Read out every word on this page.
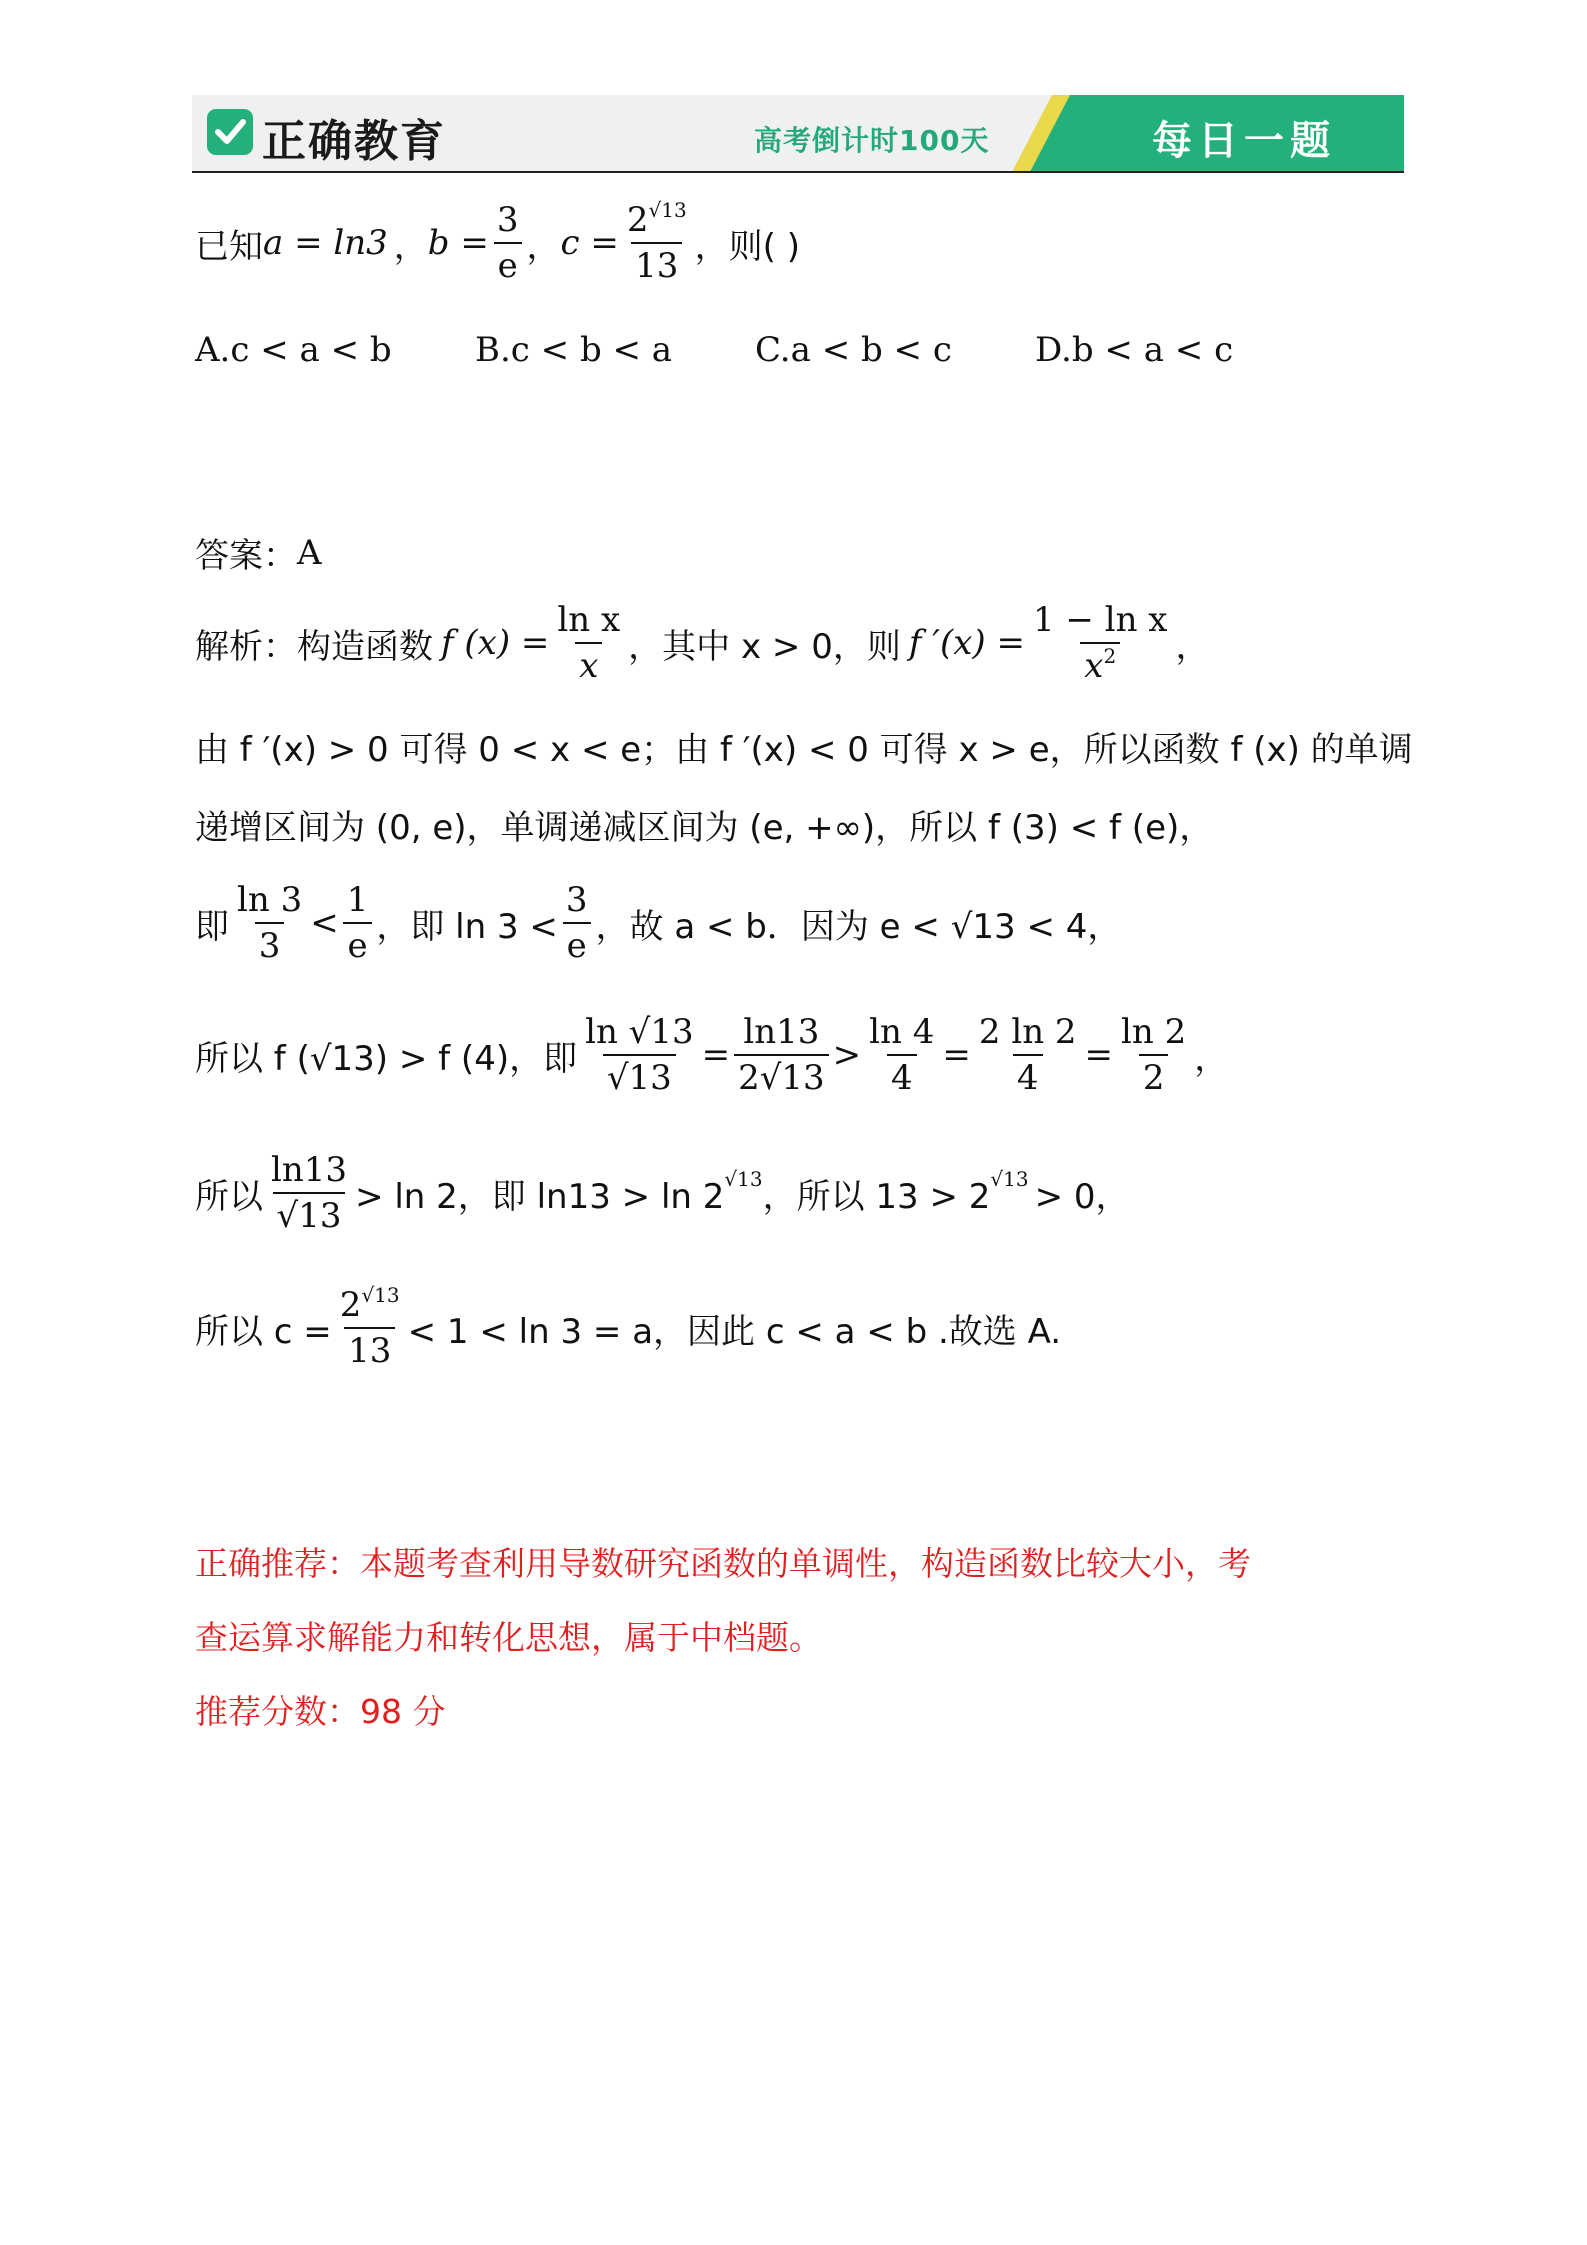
正确教育	高考倒计时100天	每日一题
已知 a = ln3 ， $b = \frac{3}{e}$ ， $c = \frac{2^{√13}}{13}$ ，则( )
A.c < a < b	B.c < b < a	C.a < b < c	D.b < a < c
答案： A
解析：构造函数 f $(x) = \frac{\text{ln x}}{x}$ ，其中 x > 0，则 f $'(x) = \frac{\text{1 − ln x}}{x^2}$ ，
由 f ′(x) > 0 可得 0 < x < e；由 f ′(x) < 0 可得 x > e，所以函数 f (x) 的单调
递增区间为 (0, e)，单调递减区间为 (e, +∞)，所以 f (3) < f (e)，
即 $\frac{\ln 3}{3} < \frac{1}{e}$ ，即 $\ln 3 < \frac{3}{e}$ ，故 a < b．因为 e < √13 < 4，
所以 f (√13) > f (4)，即 $\frac{\ln √13}{√13} = \frac{\ln 13}{2√13} > \frac{\ln 4}{4} = \frac{2 \ln 2}{4} = \frac{\ln 2}{2}$ ，
所以 $\frac{\ln 13}{√13} > \ln 2$，即 ln13 > ln 2 √13 ，所以 13 > 2 √13 > 0，
所以 $c = \frac{2^{√13}}{13} < 1 < \ln 3 = a$，因此 c < a < b .故选 A.
正确推荐：本题考查利用导数研究函数的单调性，构造函数比较大小，考
查运算求解能力和转化思想，属于中档题。
推荐分数：98 分
